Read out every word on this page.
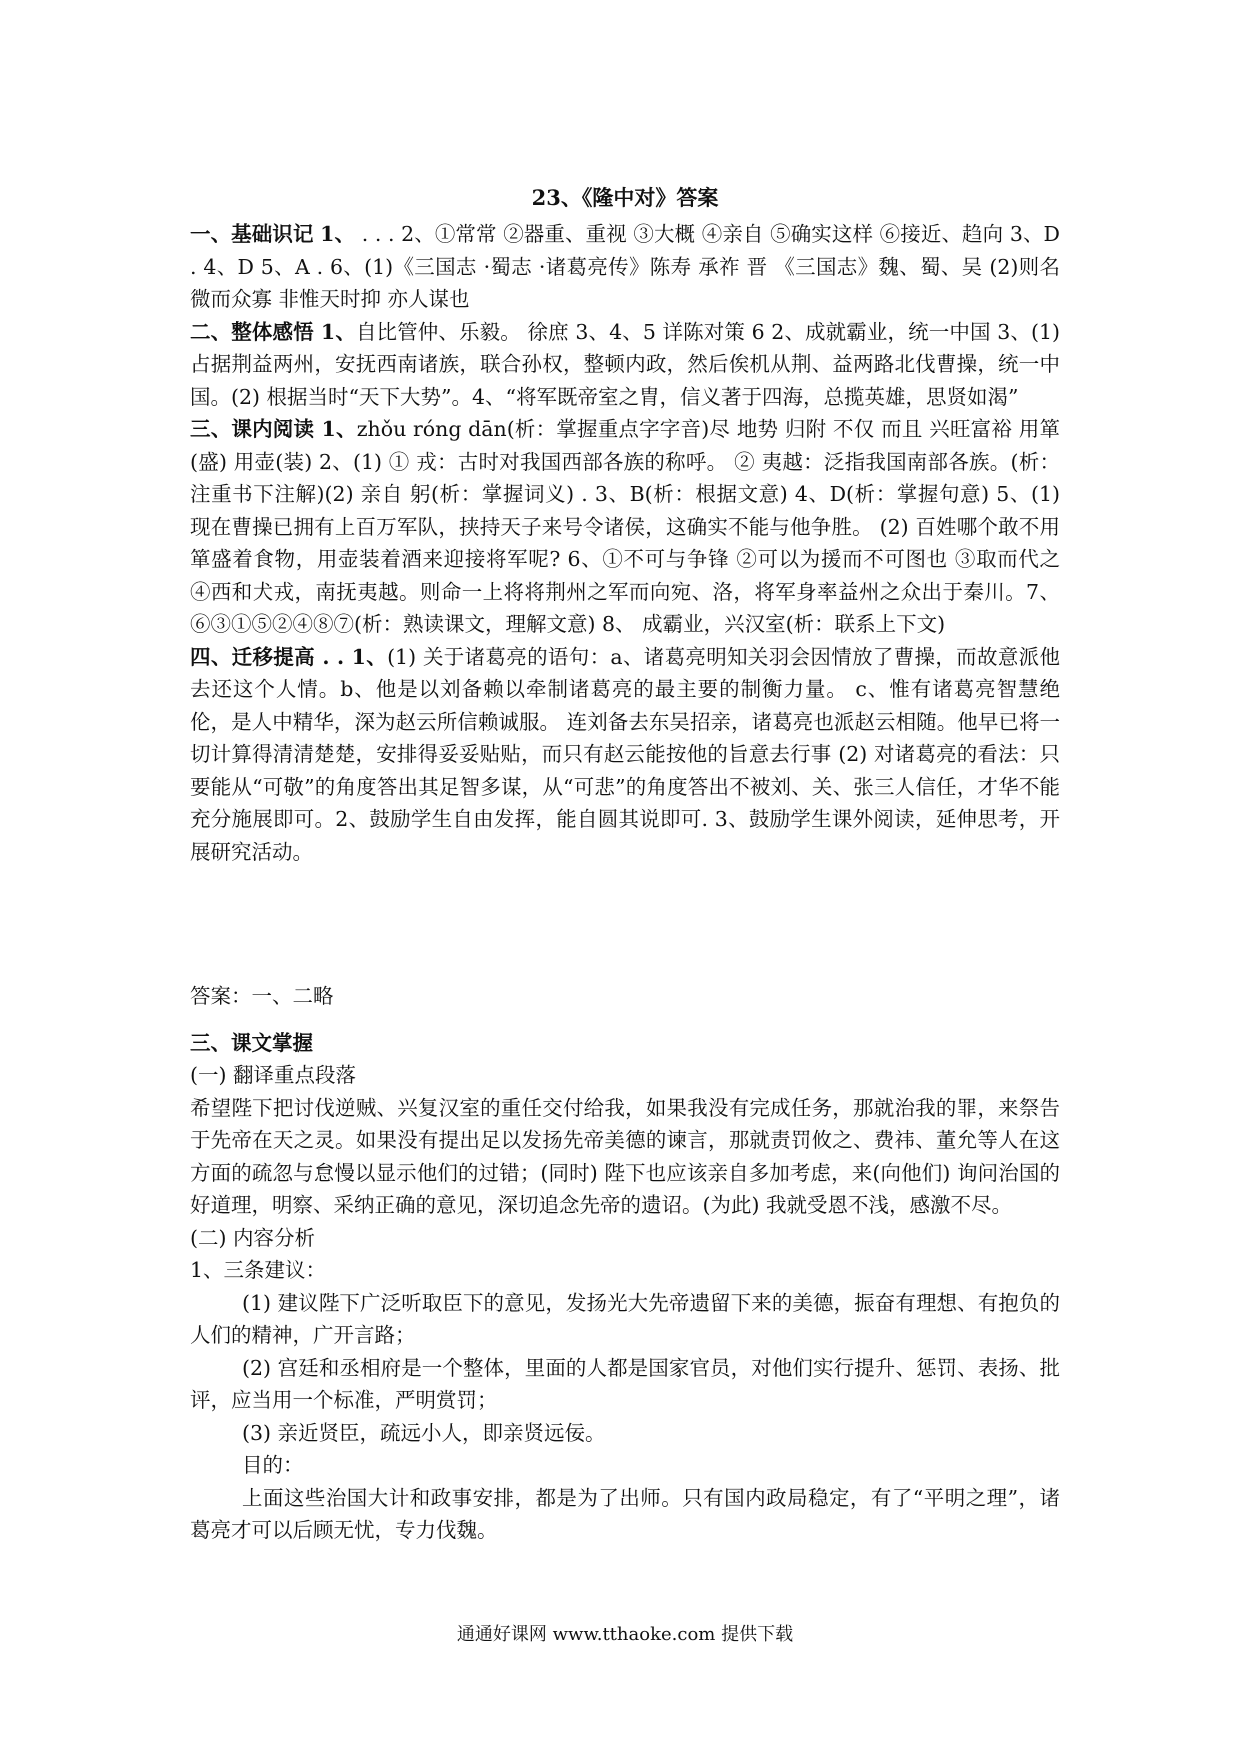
23、《隆中对》答案

一、基础识记 1、 . . . 2、①常常 ②器重、重视 ③大概 ④亲自 ⑤确实这样 ⑥接近、趋向 3、D . 4、D 5、A . 6、(1)《三国志 ·蜀志 ·诸葛亮传》陈寿 承祚 晋 《三国志》魏、蜀、吴 (2)则名微而众寡 非惟天时抑 亦人谋也

二、整体感悟 1、自比管仲、乐毅。 徐庶 3、4、5 详陈对策 6 2、成就霸业，统一中国 3、(1) 占据荆益两州，安抚西南诸族，联合孙权，整顿内政，然后俟机从荆、益两路北伐曹操，统一中国。(2) 根据当时“天下大势”。4、“将军既帝室之胄，信义著于四海，总揽英雄，思贤如渴”

三、课内阅读 1、zhǒu róng dān(析：掌握重点字字音)尽 地势 归附 不仅 而且 兴旺富裕 用箪(盛) 用壶(装) 2、(1) ① 戎：古时对我国西部各族的称呼。 ② 夷越：泛指我国南部各族。(析：注重书下注解)(2) 亲自 躬(析：掌握词义) . 3、B(析：根据文意) 4、D(析：掌握句意) 5、(1) 现在曹操已拥有上百万军队，挟持天子来号令诸侯，这确实不能与他争胜。 (2) 百姓哪个敢不用箪盛着食物，用壶装着酒来迎接将军呢? 6、①不可与争锋 ②可以为援而不可图也 ③取而代之 ④西和犬戎，南抚夷越。则命一上将将荆州之军而向宛、洛，将军身率益州之众出于秦川。7、⑥③①⑤②④⑧⑦(析：熟读课文，理解文意) 8、 成霸业，兴汉室(析：联系上下文)

四、迁移提高 . . 1、(1) 关于诸葛亮的语句：a、诸葛亮明知关羽会因情放了曹操，而故意派他去还这个人情。b、他是以刘备赖以牵制诸葛亮的最主要的制衡力量。 c、惟有诸葛亮智慧绝伦，是人中精华，深为赵云所信赖诚服。 连刘备去东吴招亲，诸葛亮也派赵云相随。他早已将一切计算得清清楚楚，安排得妥妥贴贴，而只有赵云能按他的旨意去行事 (2) 对诸葛亮的看法：只要能从“可敬”的角度答出其足智多谋，从“可悲”的角度答出不被刘、关、张三人信任，才华不能充分施展即可。2、鼓励学生自由发挥，能自圆其说即可. 3、鼓励学生课外阅读，延伸思考，开展研究活动。

答案：一、二略

三、课文掌握

(一) 翻译重点段落

希望陛下把讨伐逆贼、兴复汉室的重任交付给我，如果我没有完成任务，那就治我的罪，来祭告于先帝在天之灵。如果没有提出足以发扬先帝美德的谏言，那就责罚攸之、费祎、董允等人在这方面的疏忽与怠慢以显示他们的过错；(同时) 陛下也应该亲自多加考虑，来(向他们) 询问治国的好道理，明察、采纳正确的意见，深切追念先帝的遗诏。(为此) 我就受恩不浅，感激不尽。

(二) 内容分析

1、三条建议：

(1) 建议陛下广泛听取臣下的意见，发扬光大先帝遗留下来的美德，振奋有理想、有抱负的人们的精神，广开言路；

(2) 宫廷和丞相府是一个整体，里面的人都是国家官员，对他们实行提升、惩罚、表扬、批评，应当用一个标准，严明赏罚；

(3) 亲近贤臣，疏远小人，即亲贤远佞。

目的：

上面这些治国大计和政事安排，都是为了出师。只有国内政局稳定，有了“平明之理”，诸葛亮才可以后顾无忧，专力伐魏。

通通好课网 www.tthaoke.com 提供下载
